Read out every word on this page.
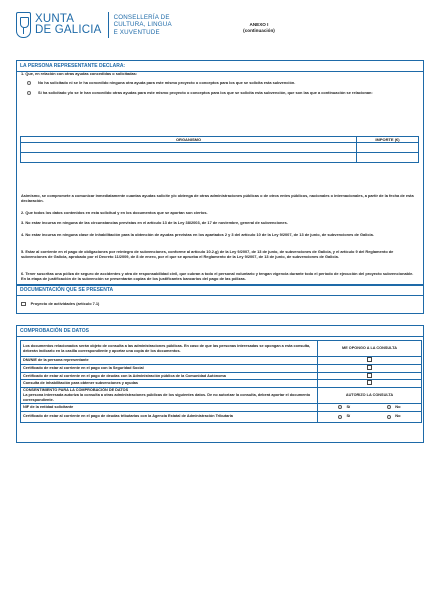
XUNTA
DE GALICIA
CONSELLERÍA DE
CULTURA, LINGUA
E XUVENTUDE
ANEXO I
(continuación)
LA PERSONA REPRESENTANTE DECLARA:
1. Que, en relación con otras ayudas concedidas o solicitadas:
No ha solicitado ni se le ha concedido ninguna otra ayuda para este mismo proyecto o conceptos para los que se solicita esta subvención.
Sí ha solicitado y/o se le han concedido otras ayudas para este mismo proyecto o conceptos para los que se solicita esta subvención, que son las que a continuación se relacionan:
ORGANISMO	IMPORTE (€)

Asimismo, se compromete a comunicar inmediatamente cuantas ayudas solicite y/o obtenga de otras administraciones públicas o de otros entes públicos, nacionales o internacionales, a partir de la fecha de esta declaración.
2. Que todos los datos contenidos en esta solicitud y en los documentos que se aportan son ciertos.
3. No estar incursa en ninguna de las circunstancias previstas en el artículo 13 de la Ley 38/2003, de 17 de noviembre, general de subvenciones.
4. No estar incursa en ninguna clase de inhabilitación para la obtención de ayudas previstas en los apartados 2 y 3 del artículo 10 de la Ley 9/2007, de 13 de junio, de subvenciones de Galicia.
5. Estar al corriente en el pago de obligaciones por reintegro de subvenciones, conforme al artículo 10.2.g) de la Ley 9/2007, de 13 de junio, de subvenciones de Galicia, y el artículo 9 del Reglamento de subvenciones de Galicia, aprobado por el Decreto 11/2009, de 8 de enero, por el que se aprueba el Reglamento de la Ley 9/2007, de 13 de junio, de subvenciones de Galicia.
6. Tener suscritas una póliza de seguro de accidentes y otra de responsabilidad civil, que cubran a todo el personal voluntario y tengan vigencia durante todo el período de ejecución del proyecto subvencionable. En la etapa de justificación de la subvención se presentarán copias de los justificantes bancarios del pago de las pólizas.
DOCUMENTACIÓN QUE SE PRESENTA
Proyecto de actividades (artículo 7.1)
COMPROBACIÓN DE DATOS
Los documentos relacionados serán objeto de consulta a las administraciones públicas. En caso de que las personas interesadas se opongan a esta consulta, deberán indicarlo en la casilla correspondiente y aportar una copia de los documentos.	ME OPONGO A LA CONSULTA
DNI/NIE de la persona representante	
Certificado de estar al corriente en el pago con la Seguridad Social	
Certificado de estar al corriente en el pago de deudas con la Administración pública de la Comunidad Autónoma	
Consulta de inhabilitación para obtener subvenciones y ayudas	

CONSENTIMIENTO PARA LA COMPROBACIÓN DE DATOS
La persona interesada autoriza la consulta a otras administraciones públicas de los siguientes datos. De no autorizar la consulta, deberá aportar el documento correspondiente.	AUTORIZO LA CONSULTA
NIF de la entidad solicitante	Sí No

Certificado de estar al corriente en el pago de deudas tributarias con la Agencia Estatal de Administración Tributaria	Sí No
